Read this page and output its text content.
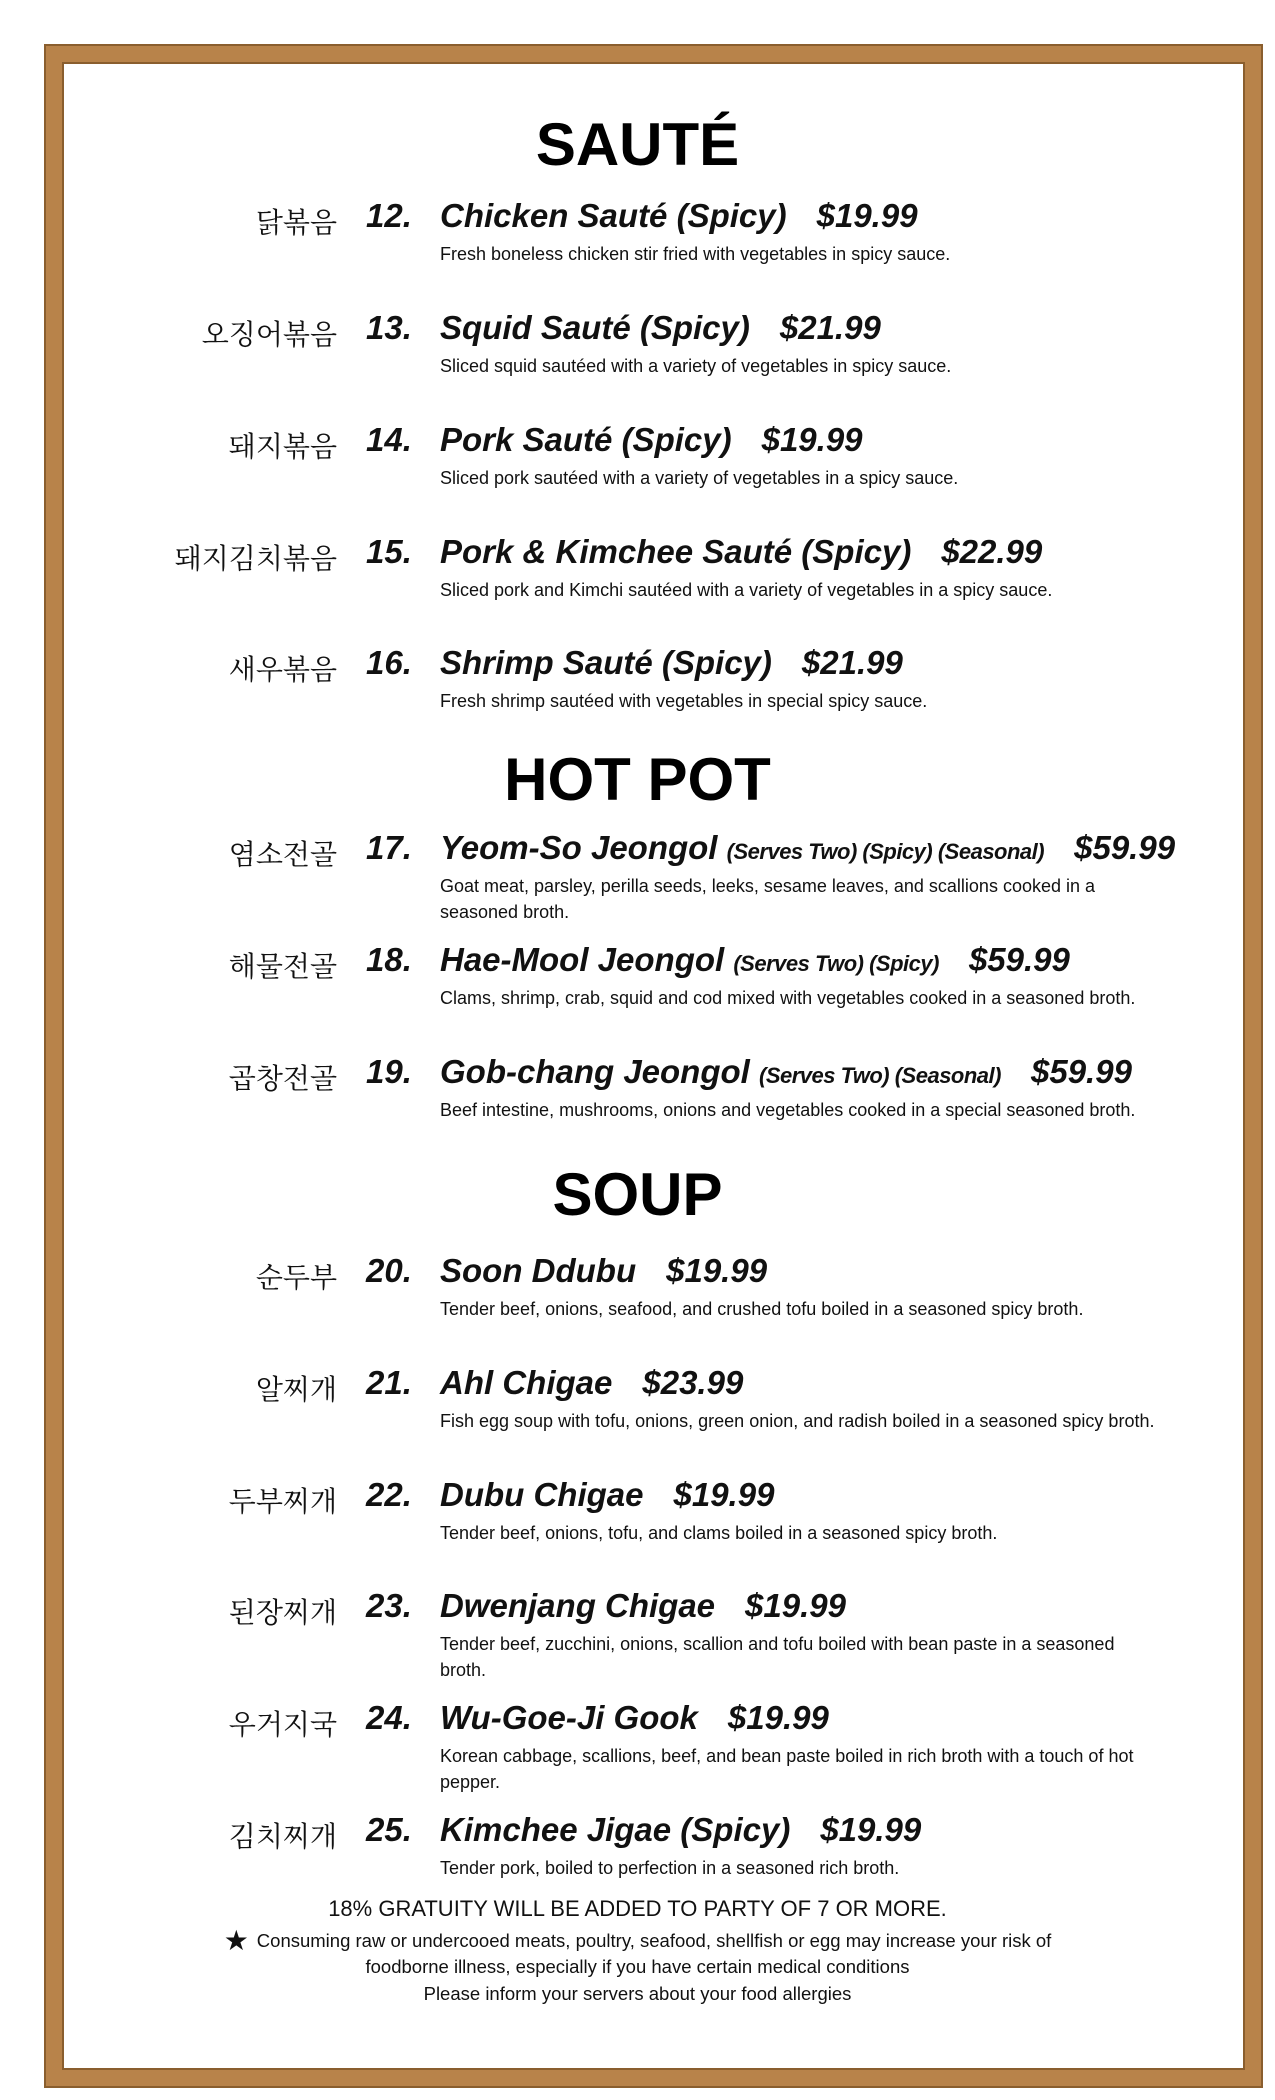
SAUTÉ
HOT POT
SOUP
닭볶음 12. Chicken Sauté (Spicy) $19.99
Fresh boneless chicken stir fried with vegetables in spicy sauce.
오징어볶음 13. Squid Sauté (Spicy) $21.99
Sliced squid sautéed with a variety of vegetables in spicy sauce.
돼지볶음 14. Pork Sauté (Spicy) $19.99
Sliced pork sautéed with a variety of vegetables in a spicy sauce.
돼지김치볶음 15. Pork & Kimchee Sauté (Spicy) $22.99
Sliced pork and Kimchi sautéed with a variety of vegetables in a spicy sauce.
새우볶음 16. Shrimp Sauté (Spicy) $21.99
Fresh shrimp sautéed with vegetables in special spicy sauce.
염소전골 17. Yeom-So Jeongol (Serves Two) (Spicy) (Seasonal) $59.99
Goat meat, parsley, perilla seeds, leeks, sesame leaves, and scallions cooked in a seasoned broth.
해물전골 18. Hae-Mool Jeongol (Serves Two) (Spicy) $59.99
Clams, shrimp, crab, squid and cod mixed with vegetables cooked in a seasoned broth.
곱창전골 19. Gob-chang Jeongol (Serves Two) (Seasonal) $59.99
Beef intestine, mushrooms, onions and vegetables cooked in a special seasoned broth.
순두부 20. Soon Ddubu $19.99
Tender beef, onions, seafood, and crushed tofu boiled in a seasoned spicy broth.
알찌개 21. Ahl Chigae $23.99
Fish egg soup with tofu, onions, green onion, and radish boiled in a seasoned spicy broth.
두부찌개 22. Dubu Chigae $19.99
Tender beef, onions, tofu, and clams boiled in a seasoned spicy broth.
된장찌개 23. Dwenjang Chigae $19.99
Tender beef, zucchini, onions, scallion and tofu boiled with bean paste in a seasoned broth.
우거지국 24. Wu-Goe-Ji Gook $19.99
Korean cabbage, scallions, beef, and bean paste boiled in rich broth with a touch of hot pepper.
김치찌개 25. Kimchee Jigae (Spicy) $19.99
Tender pork, boiled to perfection in a seasoned rich broth.
18% GRATUITY WILL BE ADDED TO PARTY OF 7 OR MORE.
★ Consuming raw or undercooed meats, poultry, seafood, shellfish or egg may increase your risk of
foodborne illness, especially if you have certain medical conditions
Please inform your servers about your food allergies
